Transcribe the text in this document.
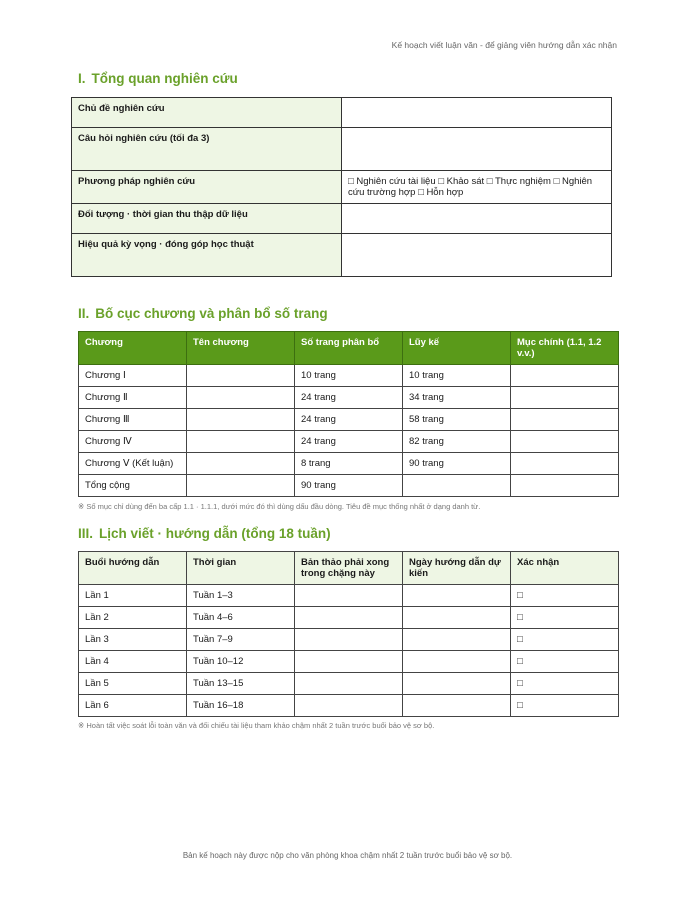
Kế hoạch viết luận văn - để giảng viên hướng dẫn xác nhận
I. Tổng quan nghiên cứu
Chủ đề nghiên cứu	
Câu hỏi nghiên cứu (tối đa 3)	
Phương pháp nghiên cứu	□ Nghiên cứu tài liệu □ Khảo sát □ Thực nghiệm □ Nghiên cứu trường hợp □ Hỗn hợp
Đối tượng · thời gian thu thập dữ liệu	
Hiệu quả kỳ vọng · đóng góp học thuật	
II. Bố cục chương và phân bổ số trang
Chương	Tên chương	Số trang phân bổ	Lũy kế	Mục chính (1.1, 1.2 v.v.)
Chương Ⅰ		10 trang	10 trang	
Chương Ⅱ		24 trang	34 trang	
Chương Ⅲ		24 trang	58 trang	
Chương Ⅳ		24 trang	82 trang	
Chương Ⅴ (Kết luận)		8 trang	90 trang	
Tổng cộng		90 trang		
※ Số mục chỉ dùng đến ba cấp 1.1 · 1.1.1, dưới mức đó thì dùng dấu đầu dòng. Tiêu đề mục thống nhất ở dạng danh từ.
III. Lịch viết · hướng dẫn (tổng 18 tuần)
Buổi hướng dẫn	Thời gian	Bản thảo phải xong trong chặng này	Ngày hướng dẫn dự kiến	Xác nhận
Lần 1	Tuần 1–3			□
Lần 2	Tuần 4–6			□
Lần 3	Tuần 7–9			□
Lần 4	Tuần 10–12			□
Lần 5	Tuần 13–15			□
Lần 6	Tuần 16–18			□
※ Hoàn tất việc soát lỗi toàn văn và đối chiếu tài liệu tham khảo chậm nhất 2 tuần trước buổi bảo vệ sơ bộ.
Bản kế hoạch này được nộp cho văn phòng khoa chậm nhất 2 tuần trước buổi bảo vệ sơ bộ.
